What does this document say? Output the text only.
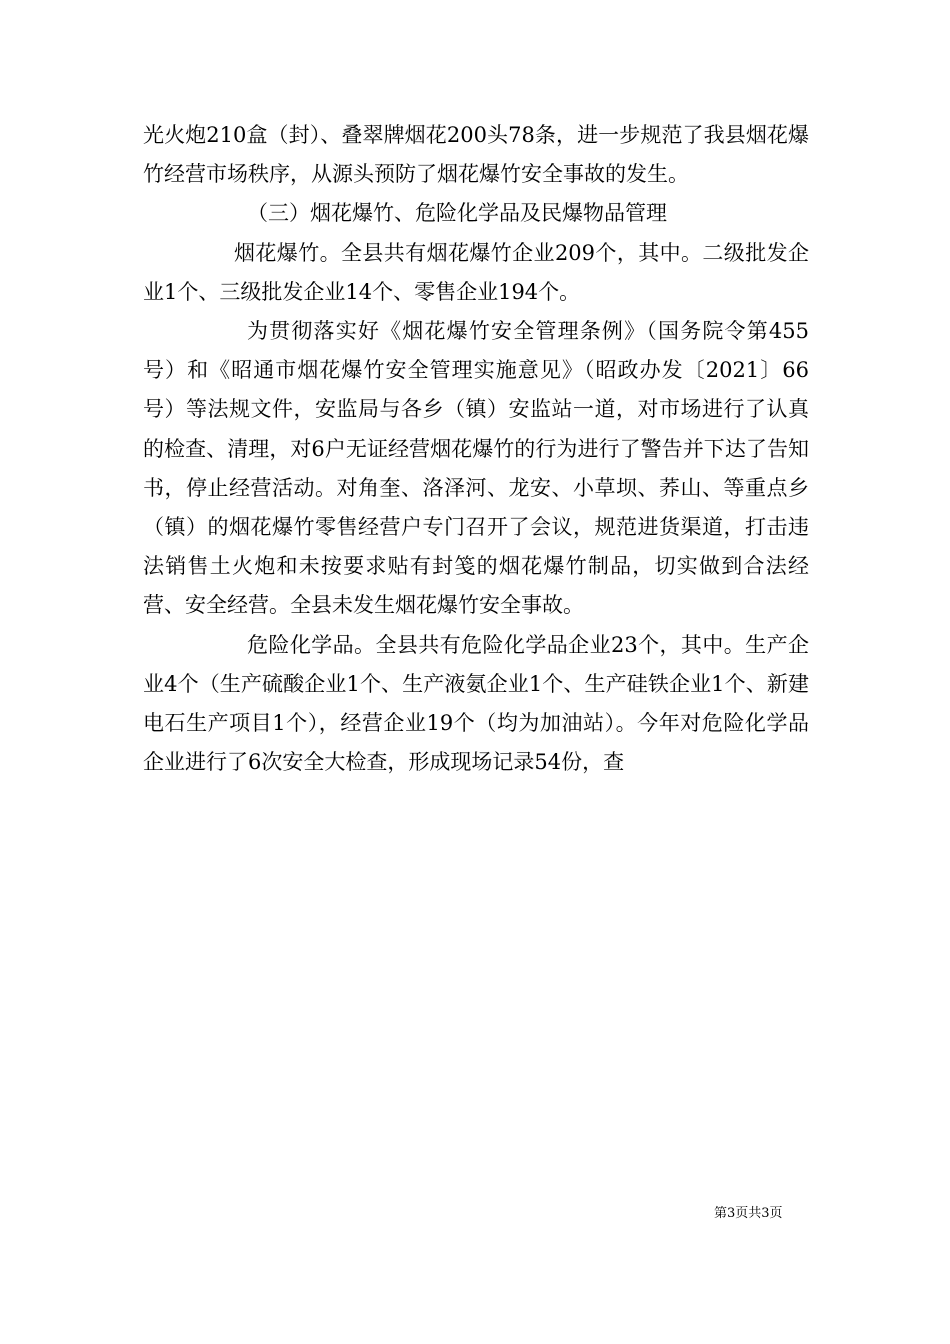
光火炮210盒（封）、叠翠牌烟花200头78条，进一步规范了我县烟花爆竹经营市场秩序，从源头预防了烟花爆竹安全事故的发生。

（三）烟花爆竹、危险化学品及民爆物品管理

烟花爆竹。全县共有烟花爆竹企业209个，其中。二级批发企业1个、三级批发企业14个、零售企业194个。

为贯彻落实好《烟花爆竹安全管理条例》（国务院令第455号）和《昭通市烟花爆竹安全管理实施意见》（昭政办发〔2021〕66号）等法规文件，安监局与各乡（镇）安监站一道，对市场进行了认真的检查、清理，对6户无证经营烟花爆竹的行为进行了警告并下达了告知书，停止经营活动。对角奎、洛泽河、龙安、小草坝、荞山、等重点乡（镇）的烟花爆竹零售经营户专门召开了会议，规范进货渠道，打击违法销售土火炮和未按要求贴有封笺的烟花爆竹制品，切实做到合法经营、安全经营。全县未发生烟花爆竹安全事故。

危险化学品。全县共有危险化学品企业23个，其中。生产企业4个（生产硫酸企业1个、生产液氨企业1个、生产硅铁企业1个、新建电石生产项目1个），经营企业19个（均为加油站）。今年对危险化学品企业进行了6次安全大检查，形成现场记录54份，查

第3页共3页
